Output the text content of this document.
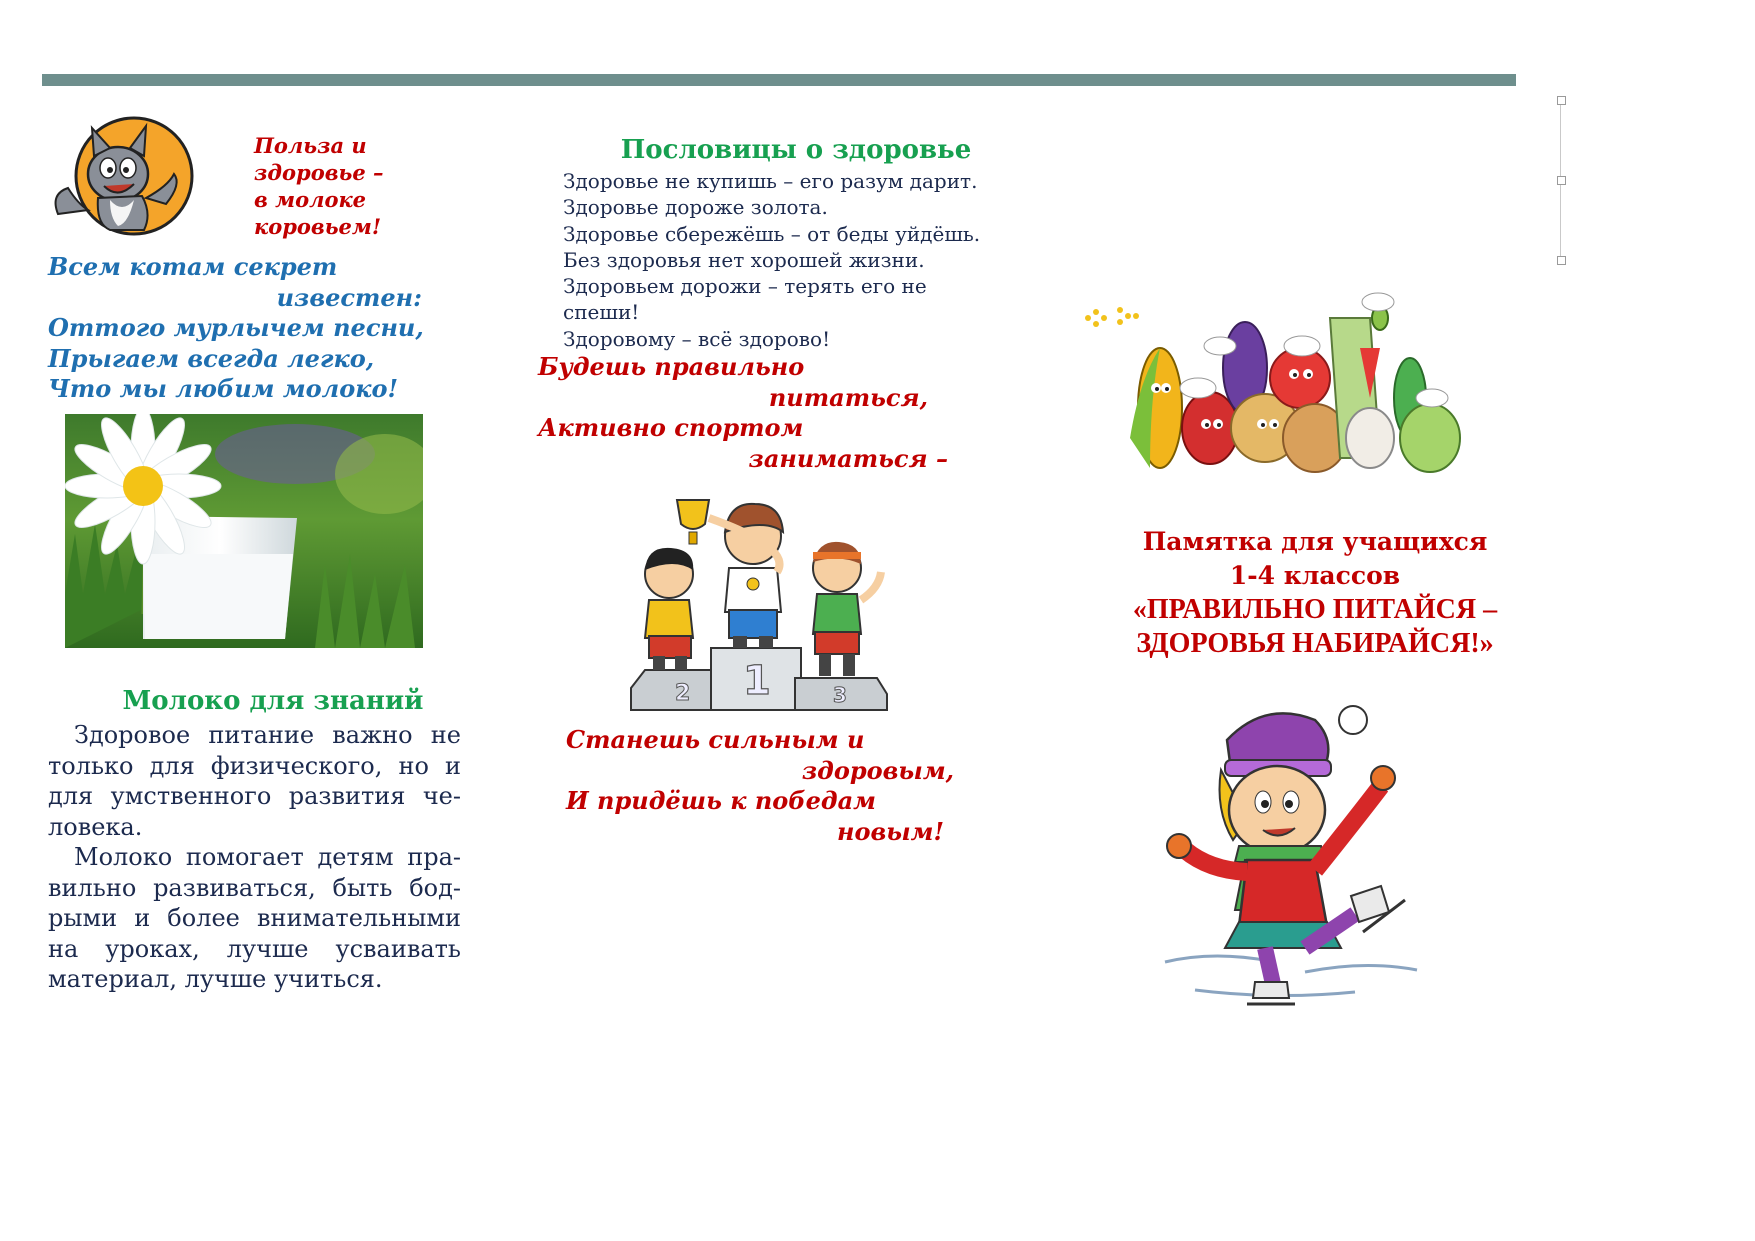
Польза и
здоровье –
в молоке
коровьем!
Всем котам секрет
известен:
Оттого мурлычем песни,
Прыгаем всегда легко,
Что мы любим молоко!
Молоко для знаний

Здоровое питание важно не только для физического, но и для умственного развития человека.

Молоко помогает детям правильно развиваться, быть бодрыми и более внимательными на уроках, лучше усваивать материал, лучше учиться.

Пословицы о здоровье
Здоровье не купишь – его разум дарит.
Здоровье дороже золота.
Здоровье сбережёшь – от беды уйдёшь.
Без здоровья нет хорошей жизни.
Здоровьем дорожи – терять его не спеши!
Здоровому – всё здорово!
Будешь правильно
питаться,
Активно спортом
заниматься –
2 1	3
Станешь сильным и
здоровым,
И придёшь к победам
новым!
Памятка для учащихся
1-4 классов
«ПРАВИЛЬНО ПИТАЙСЯ –
ЗДОРОВЬЯ НАБИРАЙСЯ!»
